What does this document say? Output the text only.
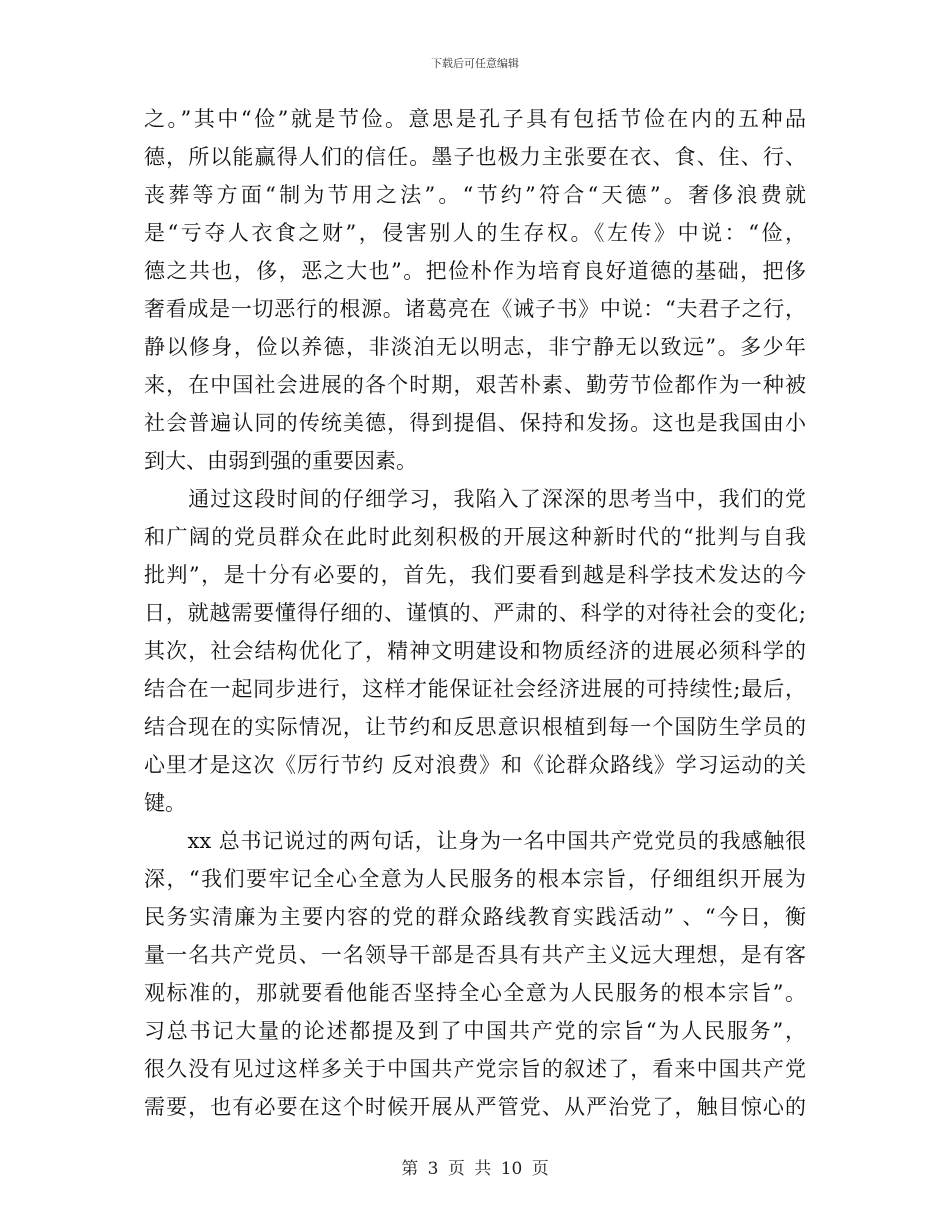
下载后可任意编辑
之。”其中“俭”就是节俭。意思是孔子具有包括节俭在内的五种品
德，所以能赢得人们的信任。墨子也极力主张要在衣、食、住、行、
丧葬等方面“制为节用之法”。“节约”符合“天德”。奢侈浪费就
是“亏夺人衣食之财”，侵害别人的生存权。《左传》中说：“俭，
德之共也，侈，恶之大也”。把俭朴作为培育良好道德的基础，把侈
奢看成是一切恶行的根源。诸葛亮在《诫子书》中说：“夫君子之行，
静以修身，俭以养德，非淡泊无以明志，非宁静无以致远”。多少年
来，在中国社会进展的各个时期，艰苦朴素、勤劳节俭都作为一种被
社会普遍认同的传统美德，得到提倡、保持和发扬。这也是我国由小
到大、由弱到强的重要因素。
　　通过这段时间的仔细学习，我陷入了深深的思考当中，我们的党
和广阔的党员群众在此时此刻积极的开展这种新时代的“批判与自我
批判”，是十分有必要的，首先，我们要看到越是科学技术发达的今
日，就越需要懂得仔细的、谨慎的、严肃的、科学的对待社会的变化;
其次，社会结构优化了，精神文明建设和物质经济的进展必须科学的
结合在一起同步进行，这样才能保证社会经济进展的可持续性;最后，
结合现在的实际情况，让节约和反思意识根植到每一个国防生学员的
心里才是这次《厉行节约 反对浪费》和《论群众路线》学习运动的关
键。
　　xx 总书记说过的两句话，让身为一名中国共产党党员的我感触很
深，“我们要牢记全心全意为人民服务的根本宗旨，仔细组织开展为
民务实清廉为主要内容的党的群众路线教育实践活动” 、“今日，衡
量一名共产党员、一名领导干部是否具有共产主义远大理想，是有客
观标准的，那就要看他能否坚持全心全意为人民服务的根本宗旨”。
习总书记大量的论述都提及到了中国共产党的宗旨“为人民服务”，
很久没有见过这样多关于中国共产党宗旨的叙述了，看来中国共产党
需要，也有必要在这个时候开展从严管党、从严治党了，触目惊心的
第 3 页 共 10 页
